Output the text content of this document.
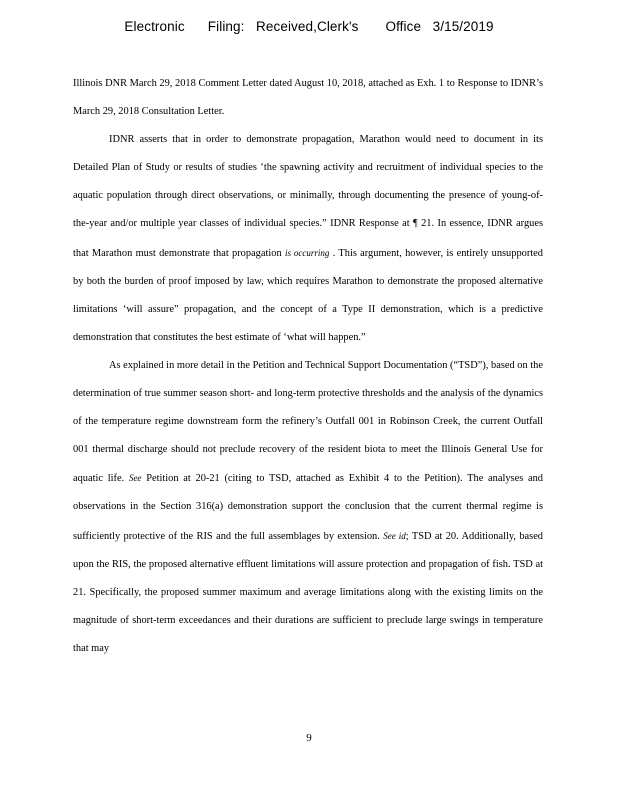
Electronic      Filing:   Received,Clerk's       Office   3/15/2019

Illinois DNR March 29, 2018 Comment Letter dated August 10, 2018, attached as Exh. 1 to Response to IDNR’s March 29, 2018 Consultation Letter.

IDNR asserts that in order to demonstrate propagation, Marathon would need to document in its Detailed Plan of Study or results of studies ‘the spawning activity and recruitment of individual species to the aquatic population through direct observations, or minimally, through documenting the presence of young-of-the-year and/or multiple year classes of individual species.” IDNR Response at ¶ 21. In essence, IDNR argues that Marathon must demonstrate that propagation is occurring . This argument, however, is entirely unsupported by both the burden of proof imposed by law, which requires Marathon to demonstrate the proposed alternative limitations ‘will assure” propagation, and the concept of a Type II demonstration, which is a predictive demonstration that constitutes the best estimate of ‘what will happen.”

As explained in more detail in the Petition and Technical Support Documentation (“TSD”), based on the determination of true summer season short- and long-term protective thresholds and the analysis of the dynamics of the temperature regime downstream form the refinery’s Outfall 001 in Robinson Creek, the current Outfall 001 thermal discharge should not preclude recovery of the resident biota to meet the Illinois General Use for aquatic life. See Petition at 20-21 (citing to TSD, attached as Exhibit 4 to the Petition). The analyses and observations in the Section 316(a) demonstration support the conclusion that the current thermal regime is sufficiently protective of the RIS and the full assemblages by extension. See id; TSD at 20. Additionally, based upon the RIS, the proposed alternative effluent limitations will assure protection and propagation of fish. TSD at 21. Specifically, the proposed summer maximum and average limitations along with the existing limits on the magnitude of short-term exceedances and their durations are sufficient to preclude large swings in temperature that may

9
